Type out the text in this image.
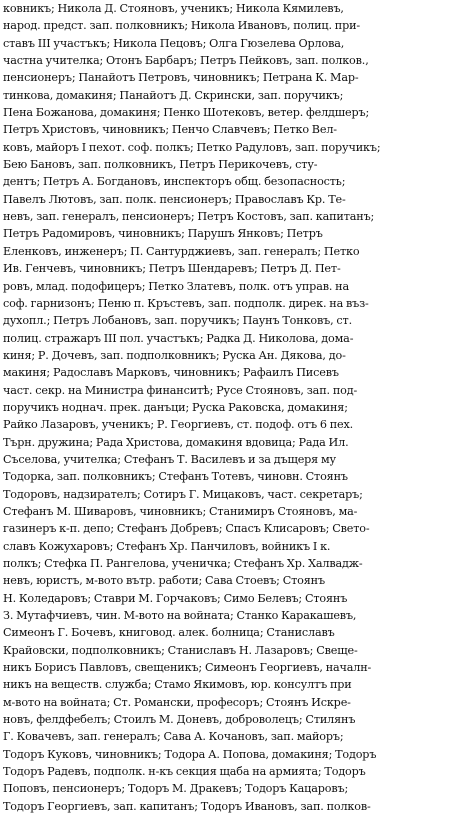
ковникъ; Никола Д. Стояновъ, ученикъ; Никола Кямилевъ,
народ. предст. зап. полковникъ; Никола Ивановъ, полиц. при-
ставъ III участъкъ; Никола Пецовъ; Олга Гюзелева Орлова,
частна учителка; Отонъ Барбаръ; Петръ Пейковъ, зап. полков.,
пенсионеръ; Панайотъ Петровъ, чиновникъ; Петрана К. Мар-
тинкова, домакиня; Панайотъ Д. Скрински, зап. поручикъ;
Пена Божанова, домакиня; Пенко Шотековъ, ветер. фелдшеръ;
Петръ Христовъ, чиновникъ; Пенчо Славчевъ; Петко Вел-
ковъ, майоръ I пехот. соф. полкъ; Петко Радуловъ, зап. поручикъ;
Бею Бановъ, зап. полковникъ, Петръ Перикочевъ, сту-
дентъ; Петръ А. Богдановъ, инспекторъ общ. безопасность;
Павелъ Лютовъ, зап. полк. пенсионеръ; Православъ Кр. Те-
невъ, зап. генералъ, пенсионеръ; Петръ Костовъ, зап. капитанъ;
Петръ Радомировъ, чиновникъ; Парушъ Янковъ; Петръ
Еленковъ, инженеръ; П. Сантурджиевъ, зап. генералъ; Петко
Ив. Генчевъ, чиновникъ; Петръ Шендаревъ; Петръ Д. Пет-
ровъ, млад. подофицеръ; Петко Златевъ, полк. отъ управ. на
соф. гарнизонъ; Пеню п. Кръстевъ, зап. подполк. дирек. на въз-
духопл.; Петръ Лобановъ, зап. поручикъ; Паунъ Тонковъ, ст.
полиц. стражаръ III пол. участъкъ; Радка Д. Николова, дома-
киня; Р. Дочевъ, зап. подполковникъ; Руска Ан. Дякова, до-
макиня; Радославъ Марковъ, чиновникъ; Рафаилъ Писевъ
част. секр. на Министра финанситѣ; Русе Стояновъ, зап. под-
поручикъ ноднач. прек. данъци; Руска Раковска, домакиня;
Райко Лазаровъ, ученикъ; Р. Георгиевъ, ст. подоф. отъ 6 пех.
Търн. дружина; Рада Христова, домакиня вдовица; Рада Ил.
Съселова, учителка; Стефанъ Т. Василевъ и за дъщеря му
Тодорка, зап. полковникъ; Стефанъ Тотевъ, чиновн. Стоянъ
Тодоровъ, надзирателъ; Сотиръ Г. Мицаковъ, част. секретаръ;
Стефанъ М. Шиваровъ, чиновникъ; Станимиръ Стояновъ, ма-
газинеръ к-п. депо; Стефанъ Добревъ; Спасъ Клисаровъ; Свето-
славъ Кожухаровъ; Стефанъ Хр. Панчиловъ, войникъ I к.
полкъ; Стефка П. Рангелова, ученичка; Стефанъ Хр. Халвадж-
невъ, юристъ, м-вото вътр. работи; Сава Стоевъ; Стоянъ
Н. Коледаровъ; Ставри М. Горчаковъ; Симо Белевъ; Стоянъ
З. Мутафчиевъ, чин. М-вото на войната; Станко Каракашевъ,
Симеонъ Г. Бочевъ, книговод. алек. болница; Станиславъ
Крайовски, подполковникъ; Станиславъ Н. Лазаровъ; Свеще-
никъ Борисъ Павловъ, свещеникъ; Симеонъ Георгиевъ, началн-
никъ на веществ. служба; Стамо Якимовъ, юр. консултъ при
м-вото на войната; Ст. Романски, професоръ; Стоянъ Искре-
новъ, фелдфебелъ; Стоилъ М. Доневъ, доброволецъ; Стилянъ
Г. Ковачевъ, зап. генералъ; Сава А. Кочановъ, зап. майоръ;
Тодоръ Куковъ, чиновникъ; Тодора А. Попова, домакиня; Тодоръ
Тодоръ Радевъ, подполк. н-къ секция щаба на армията; Тодоръ
Поповъ, пенсионеръ; Тодоръ М. Дракевъ; Тодоръ Кацаровъ;
Тодоръ Георгиевъ, зап. капитанъ; Тодоръ Ивановъ, зап. полков-
